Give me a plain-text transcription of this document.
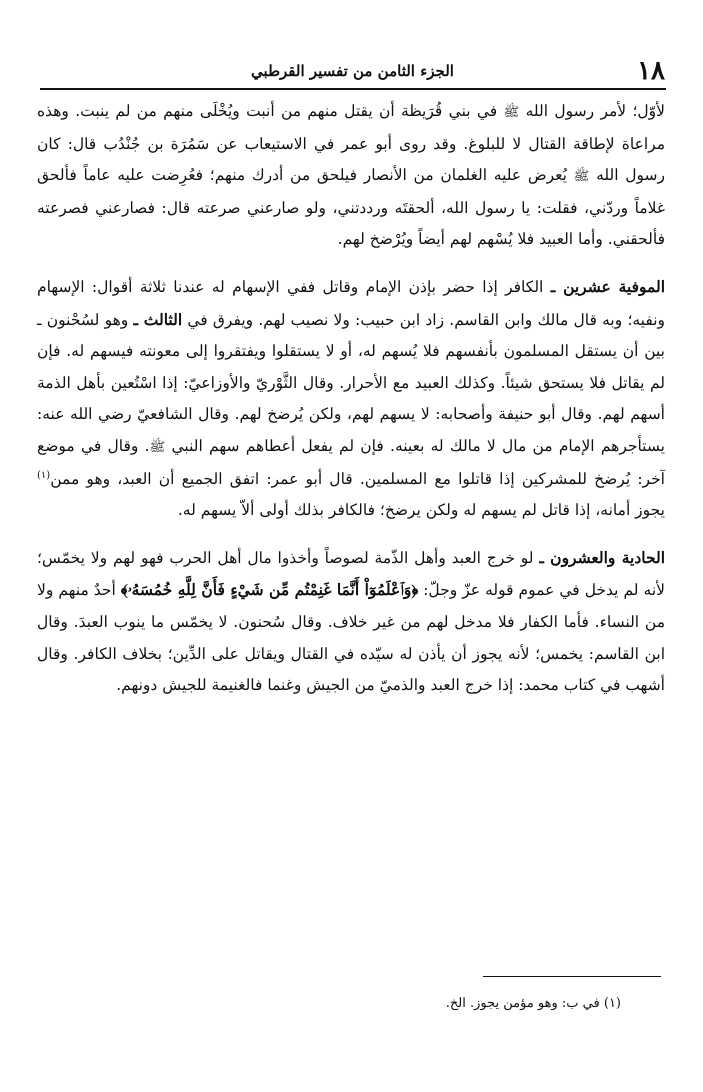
١٨
الجزء الثامن من تفسير القرطبي

لأوّل؛ لأمر رسول الله ﷺ في بني قُرَيظة أن يقتل منهم من أنبت ويُخْلَى منهم من لم ينبت. وهذه مراعاة لإطاقة القتال لا للبلوغ. وقد روى أبو عمر في الاستيعاب عن سَمُرَة بن جُنْدُب قال: كان رسول الله ﷺ يُعرض عليه الغلمان من الأنصار فيلحق من أدرك منهم؛ فعُرِضت عليه عاماً فألحق غلاماً وردّني، فقلت: يا رسول الله، ألحقتَه ورددتني، ولو صارعني صرعته قال: فصارعني فصرعته فألحقني. وأما العبيد فلا يُسْهم لهم أيضاً ويُرْضخ لهم.

الموفية عشرين ـ الكافر إذا حضر بإذن الإمام وقاتل ففي الإسهام له عندنا ثلاثة أقوال: الإسهام ونفيه؛ وبه قال مالك وابن القاسم. زاد ابن حبيب: ولا نصيب لهم. ويفرق في الثالث ـ وهو لسُحْنون ـ بين أن يستقل المسلمون بأنفسهم فلا يُسهم له، أو لا يستقلوا ويفتقروا إلى معونته فيسهم له. فإن لم يقاتل فلا يستحق شيئاً. وكذلك العبيد مع الأحرار. وقال الثَّوْريّ والأوزاعيّ: إذا اسْتُعين بأهل الذمة أسهم لهم. وقال أبو حنيفة وأصحابه: لا يسهم لهم، ولكن يُرضخ لهم. وقال الشافعيّ رضي الله عنه: يستأجرهم الإمام من مال لا مالك له بعينه. فإن لم يفعل أعطاهم سهم النبي ﷺ. وقال في موضع آخر: يُرضخ للمشركين إذا قاتلوا مع المسلمين. قال أبو عمر: اتفق الجميع أن العبد، وهو ممن$^{(١)}$ يجوز أمانه، إذا قاتل لم يسهم له ولكن يرضخ؛ فالكافر بذلك أولى ألاّ يسهم له.

الحادية والعشرون ـ لو خرج العبد وأهل الذّمة لصوصاً وأخذوا مال أهل الحرب فهو لهم ولا يخمّس؛ لأنه لم يدخل في عموم قوله عزّ وجلّ: ﴿وَٱعْلَمُوٓاْ أَنَّمَا غَنِمْتُم مِّن شَيْءٍ فَأَنَّ لِلَّهِ خُمُسَهُۥ﴾ أحدٌ منهم ولا من النساء. فأما الكفار فلا مدخل لهم من غير خلاف. وقال سُحنون. لا يخمّس ما ينوب العبدَ. وقال ابن القاسم: يخمس؛ لأنه يجوز أن يأذن له سيّده في القتال ويقاتل على الدِّين؛ بخلاف الكافر. وقال أشهب في كتاب محمد: إذا خرج العبد والذميّ من الجيش وغنما فالغنيمة للجيش دونهم.

(١) في ب: وهو مؤمن يجوز. الخ.
